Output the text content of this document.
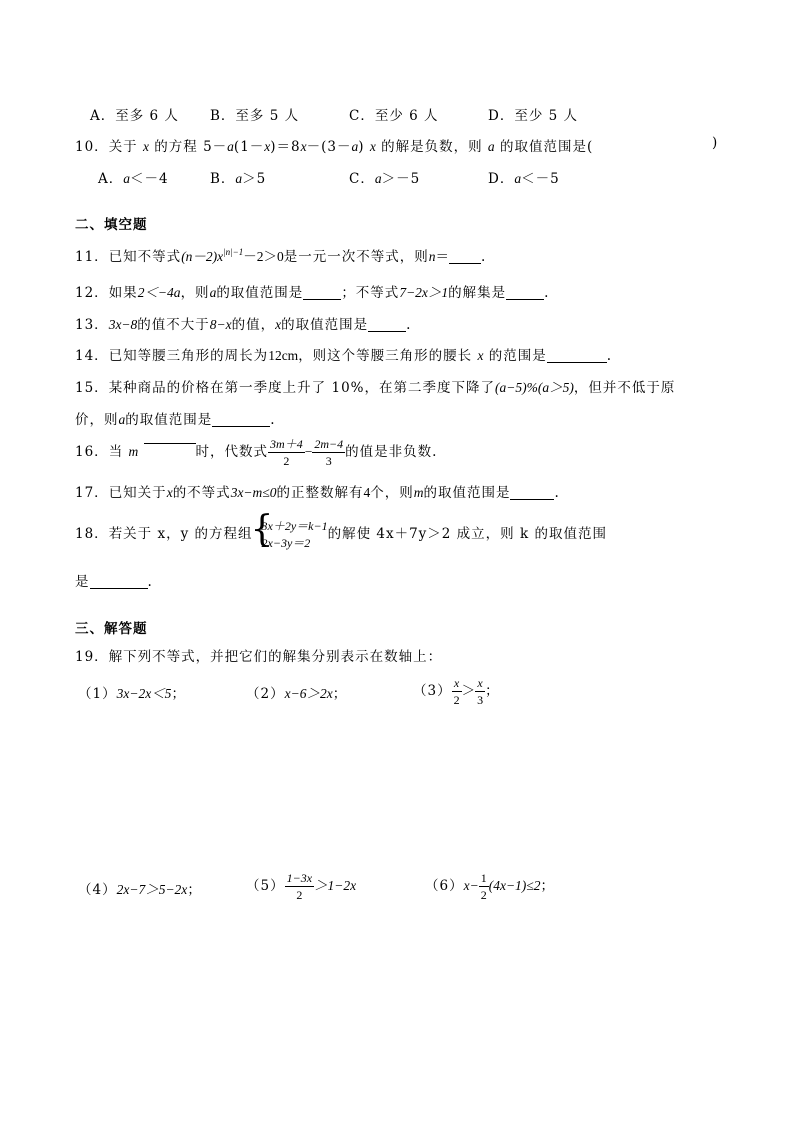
A．至多 6 人 B．至多 5 人	C．至少 6 人	D．至少 5 人
10．关于 x 的方程 5－a(1－x)＝8x－(3－a) x 的解是负数，则 a 的取值范围是(	)
A．a＜－4	B．a＞5	C．a＞－5	D．a＜－5
二、填空题
11．已知不等式$(n-2)x^{|n|-1}-2>0$是一元一次不等式，则n＝ .
12．如果2＜−4a，则a的取值范围是	；不等式7−2x＞1的解集是	.
13．3x−8的值不大于8−x的值，x的取值范围是	.
14．已知等腰三角形的周长为12cm，则这个等腰三角形的腰长 x 的范围是	.
15．某种商品的价格在第一季度上升了 10%，在第二季度下降了(a−5)%(a＞5)，但并不低于原
价，则a的取值范围是	.
16．当 m	时，代数式 $\frac{3m+4}{2} - \frac{2m-4}{3}$ 的值是非负数.
17．已知关于x的不等式3x−m≤0的正整数解有4个，则m的取值范围是	.
18．若关于 x，y 的方程组
{
3x＋2y＝k−1
2x−3y＝2
的解使 4x＋7y＞2 成立，则 k 的取值范围
是	.
三、解答题
19．解下列不等式，并把它们的解集分别表示在数轴上：
（1）3x−2x＜5；	（2）x−6＞2x；	$(3) \frac{x}{2} > \frac{x}{3}$ ；
（4）2x−7＞5−2x；	$(5) \frac{1-3x}{2} >1-2x$	$(6)x- \frac{1}{2} (4x-1)\le 2$；
